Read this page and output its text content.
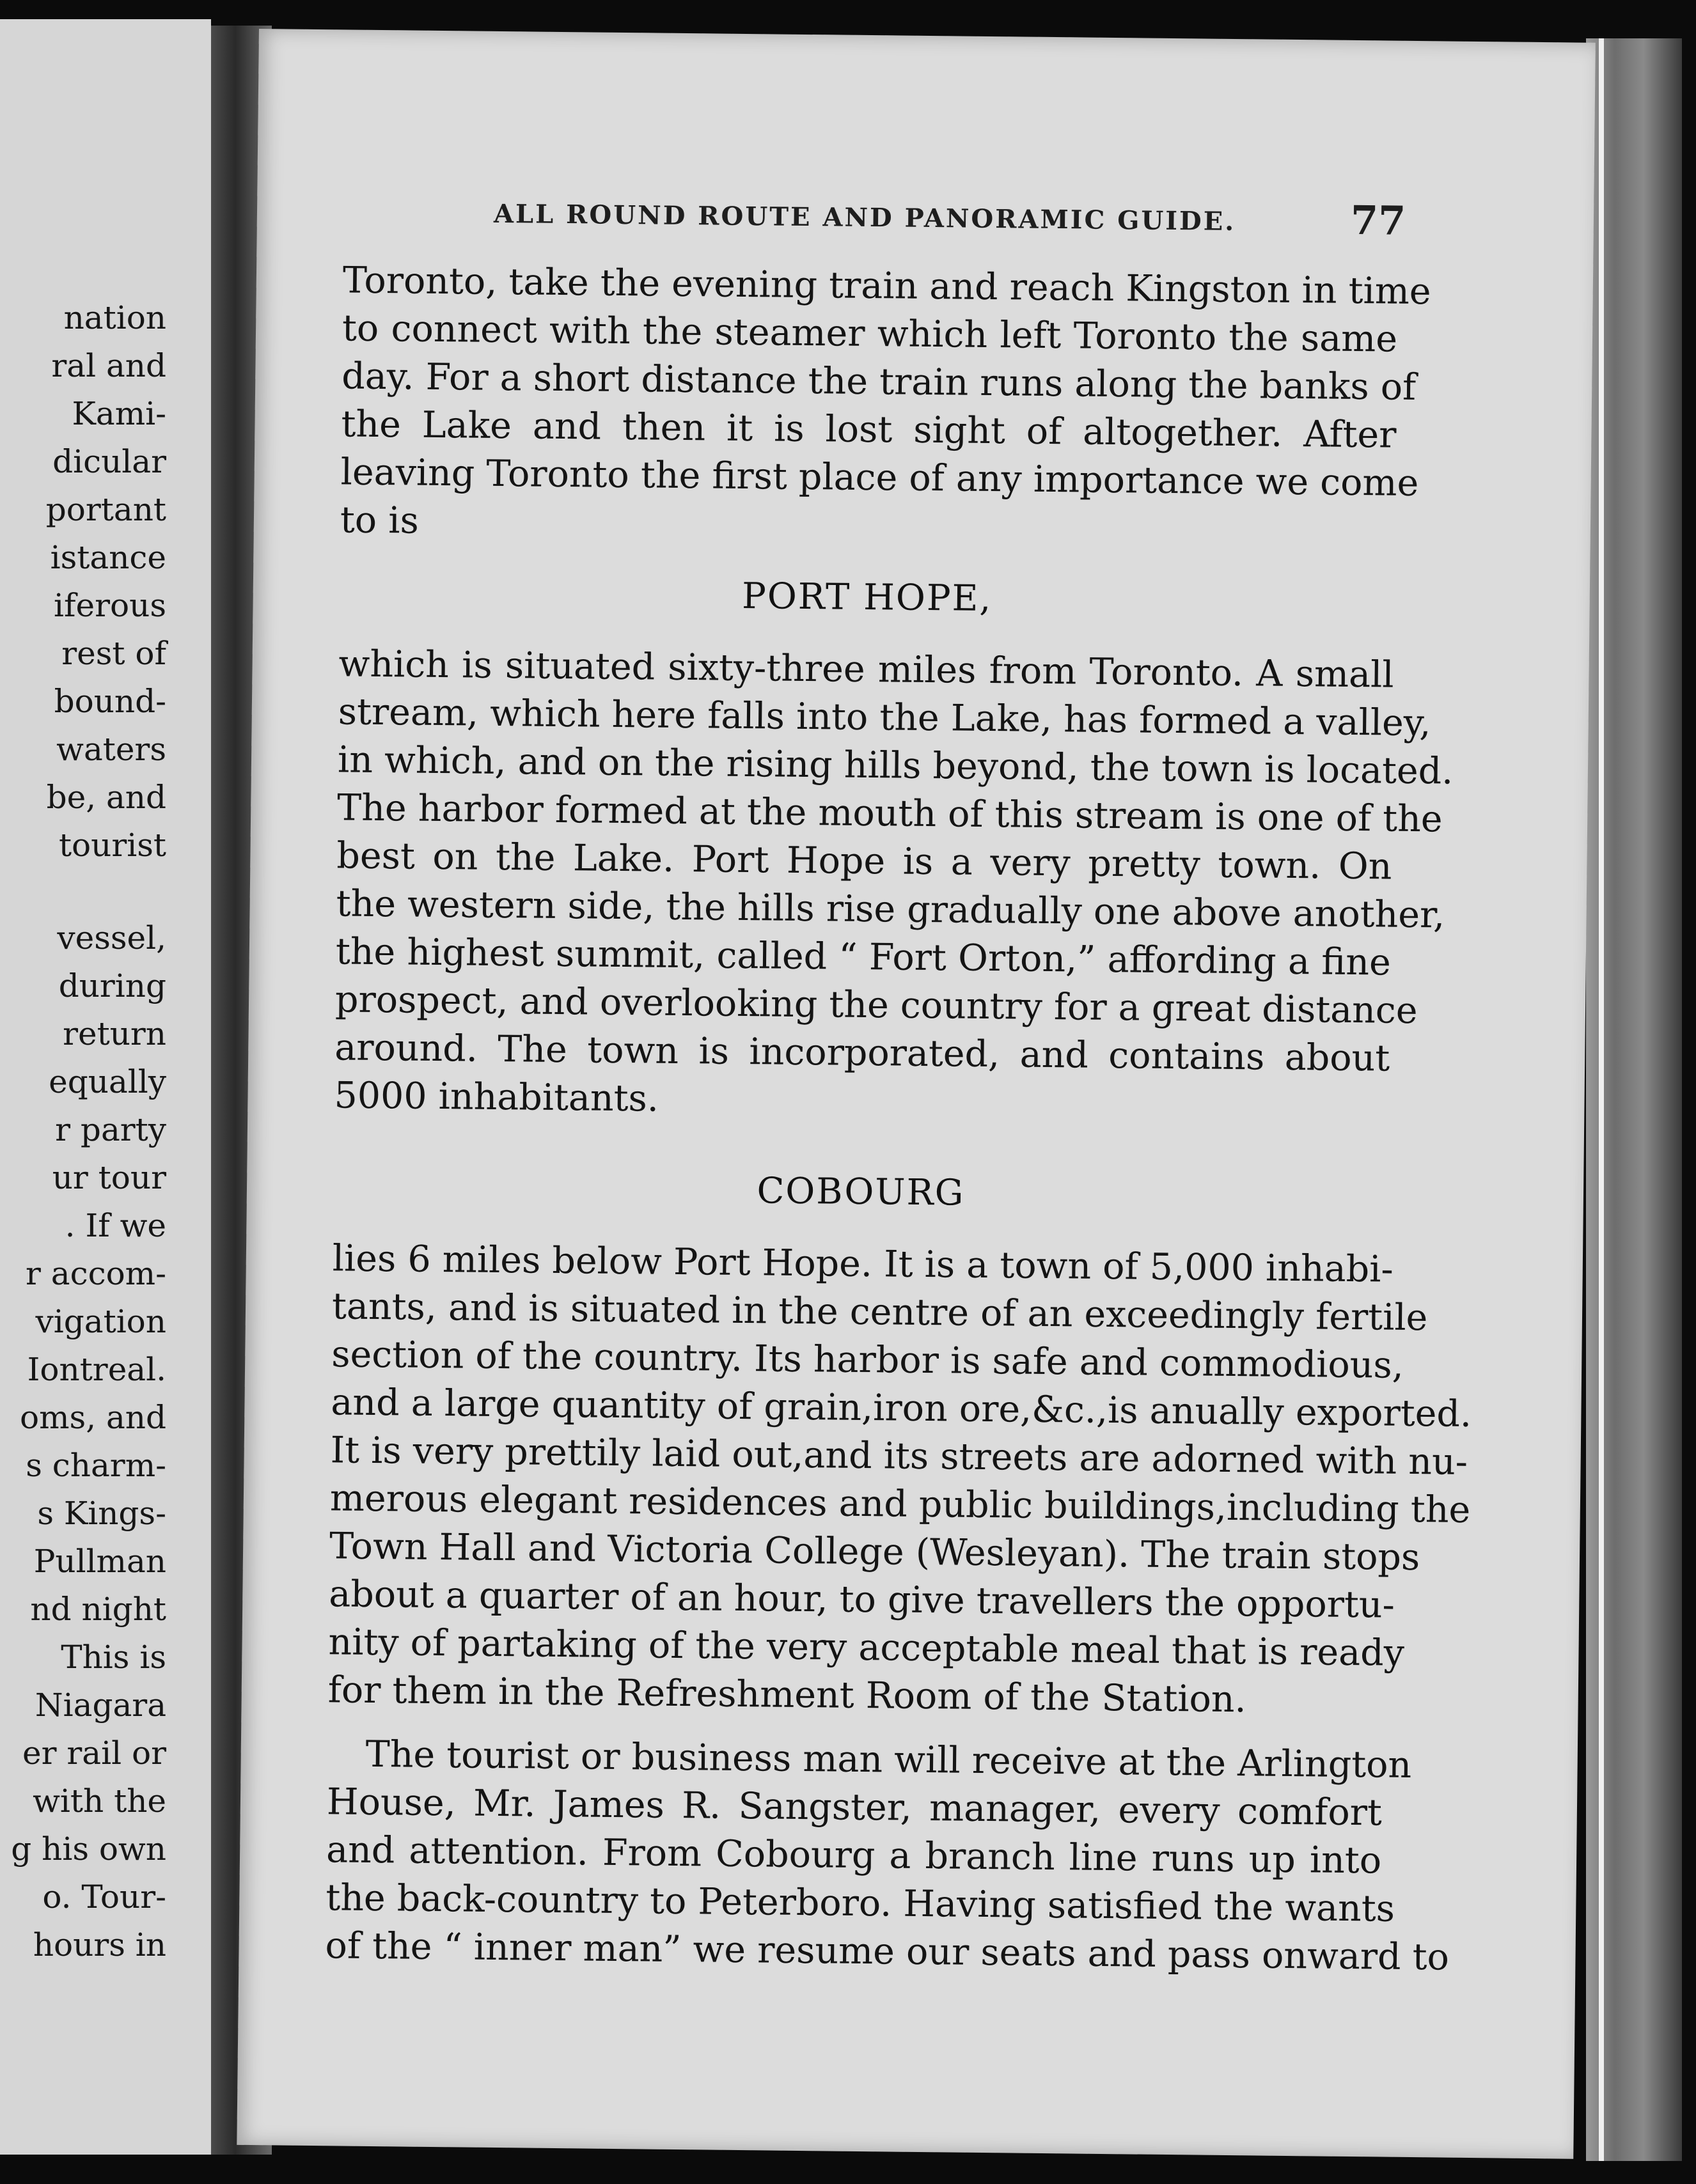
nation
ral and
Kami-
dicular
portant
istance
iferous
rest of
bound-
waters
be, and
tourist
vessel,
during
return
equally
r party
ur tour
. If we
r accom-
vigation
Iontreal.
oms, and
s charm-
s Kings-
Pullman
nd night
This is
Niagara
er rail or
with the
g his own
o. Tour-
hours in
ALL ROUND ROUTE AND PANORAMIC GUIDE.	77
Toronto, take the evening train and reach Kingston in time
to connect with the steamer which left Toronto the same
day. For a short distance the train runs along the banks of
the Lake and then it is lost sight of altogether. After
leaving Toronto the first place of any importance we come
to is
PORT HOPE,
which is situated sixty-three miles from Toronto. A small
stream, which here falls into the Lake, has formed a valley,
in which, and on the rising hills beyond, the town is located.
The harbor formed at the mouth of this stream is one of the
best on the Lake. Port Hope is a very pretty town. On
the western side, the hills rise gradually one above another,
the highest summit, called “ Fort Orton,” affording a fine
prospect, and overlooking the country for a great distance
around. The town is incorporated, and contains about
5000 inhabitants.
COBOURG
lies 6 miles below Port Hope. It is a town of 5,000 inhabi-
tants, and is situated in the centre of an exceedingly fertile
section of the country. Its harbor is safe and commodious,
and a large quantity of grain,iron ore,&c.,is anually exported.
It is very prettily laid out,and its streets are adorned with nu-
merous elegant residences and public buildings,including the
Town Hall and Victoria College (Wesleyan). The train stops
about a quarter of an hour, to give travellers the opportu-
nity of partaking of the very acceptable meal that is ready
for them in the Refreshment Room of the Station.
The tourist or business man will receive at the Arlington
House, Mr. James R. Sangster, manager, every comfort
and attention. From Cobourg a branch line runs up into
the back-country to Peterboro. Having satisfied the wants
of the “ inner man” we resume our seats and pass onward to
